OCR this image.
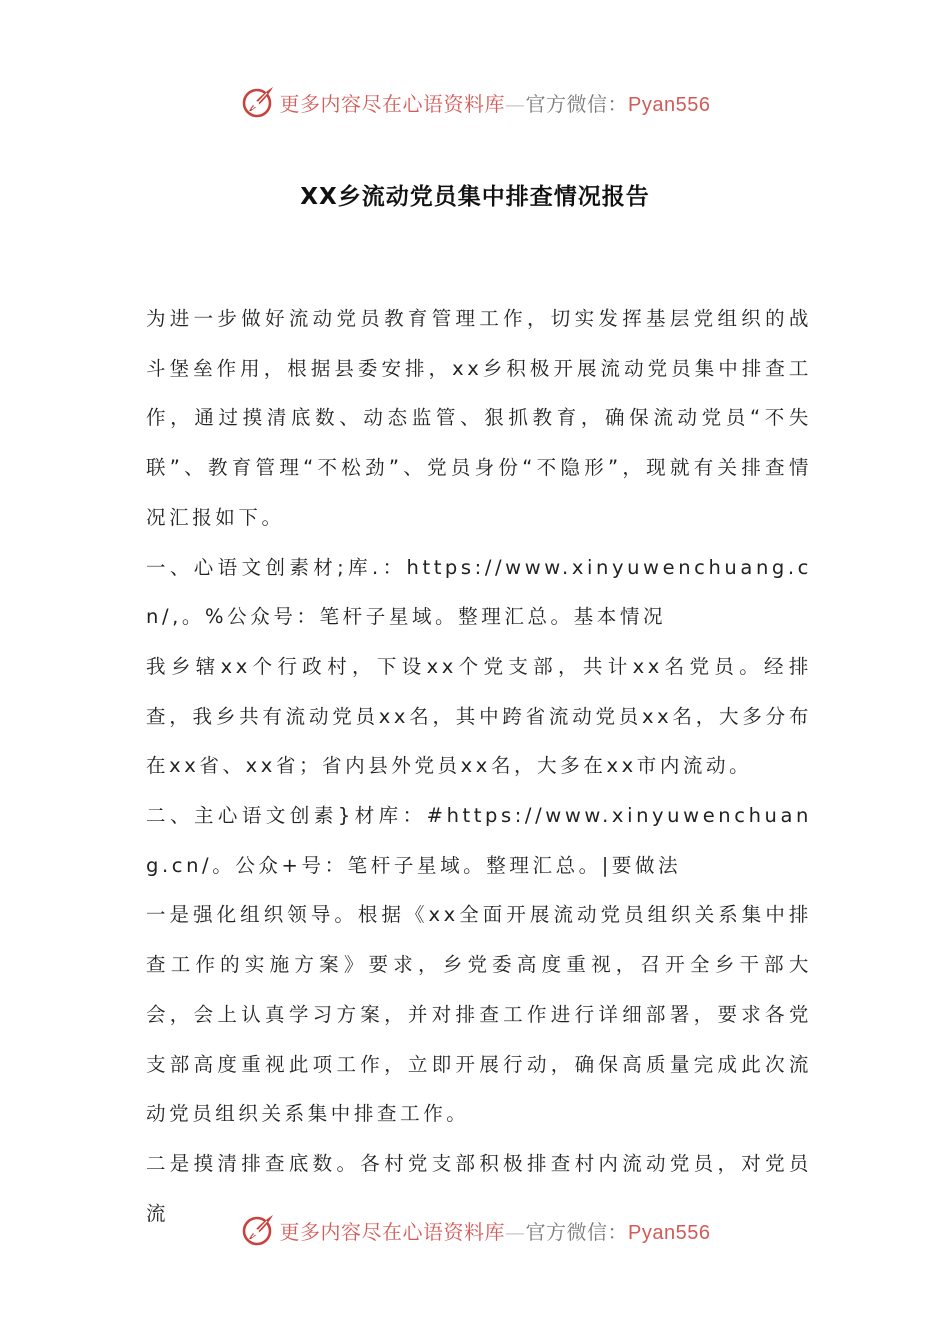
更多内容尽在心语资料库—官方微信：Pyan556
XX乡流动党员集中排查情况报告

为进一步做好流动党员教育管理工作，切实发挥基层党组织的战斗堡垒作用，根据县委安排，xx乡积极开展流动党员集中排查工作，通过摸清底数、动态监管、狠抓教育，确保流动党员“不失联”、教育管理“不松劲”、党员身份“不隐形”，现就有关排查情况汇报如下。

一、心语文创素材;库.：https://www.xinyuwenchuang.cn/,。%公众号：笔杆子星域。整理汇总。基本情况

我乡辖xx个行政村，下设xx个党支部，共计xx名党员。经排查，我乡共有流动党员xx名，其中跨省流动党员xx名，大多分布在xx省、xx省；省内县外党员xx名，大多在xx市内流动。

二、主心语文创素}材库：#https://www.xinyuwenchuang.cn/。公众+号：笔杆子星域。整理汇总。|要做法

一是强化组织领导。根据《xx全面开展流动党员组织关系集中排查工作的实施方案》要求，乡党委高度重视，召开全乡干部大会，会上认真学习方案，并对排查工作进行详细部署，要求各党支部高度重视此项工作，立即开展行动，确保高质量完成此次流动党员组织关系集中排查工作。

二是摸清排查底数。各村党支部积极排查村内流动党员，对党员流

更多内容尽在心语资料库—官方微信：Pyan556
